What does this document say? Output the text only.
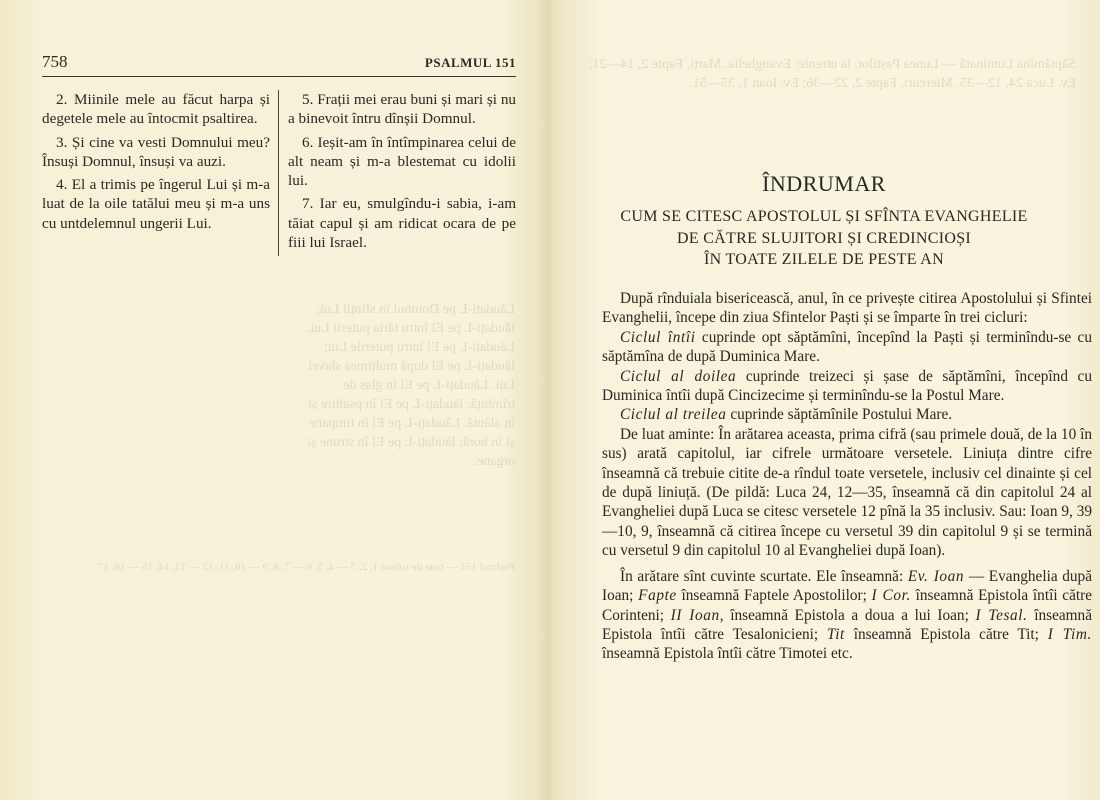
Lăudați-L pe Domnul în sfinții Lui; lăudați-L pe El întru tăria puterii Lui. Lăudați-L pe El întru puterile Lui; lăudați-L pe El după mulțimea slavei Lui. Lăudați-L pe El în glas de trîmbiță; lăudați-L pe El în psaltire și în alăută. Lăudați-L pe El în timpane și în horă; lăudați-L pe El în strune și organe.
Psalmul 151 — note de subsol 1, 2, 3 — 4, 5, 6 — 7, 8, 9 — 10, 11, 12 — 13, 14, 15 — 16, 17
758	PSALMUL 151

2. Miinile mele au făcut harpa și degetele mele au întocmit psaltirea.

3. Și cine va vesti Domnului meu? Însuși Domnul, însuși va auzi.

4. El a trimis pe îngerul Lui și m-a luat de la oile tatălui meu și m-a uns cu untdelemnul ungerii Lui.

5. Frații mei erau buni și mari și nu a binevoit întru dînșii Domnul.

6. Ieșit-am în întîmpinarea celui de alt neam și m-a blestemat cu idolii lui.

7. Iar eu, smulgîndu-i sabia, i-am tăiat capul și am ridicat ocara de pe fiii lui Israel.

Săptămîna Luminată — Lunea Paștilor, la utrenie: Evanghelia. Marți, Fapte 2, 14—21; Ev. Luca 24, 12—35. Miercuri, Fapte 2, 22—36; Ev. Ioan 1, 35—51.
ÎNDRUMAR
CUM SE CITESC APOSTOLUL ȘI SFÎNTA EVANGHELIE
DE CĂTRE SLUJITORI ȘI CREDINCIOȘI
ÎN TOATE ZILELE DE PESTE AN

După rînduiala bisericească, anul, în ce privește citirea Apostolului și Sfintei Evanghelii, începe din ziua Sfintelor Paști și se împarte în trei cicluri:

Ciclul întîi cuprinde opt săptămîni, începînd la Paști și terminîndu-se cu săptămîna de după Duminica Mare.

Ciclul al doilea cuprinde treizeci și șase de săptămîni, începînd cu Duminica întîi după Cincizecime și terminîndu-se la Postul Mare.

Ciclul al treilea cuprinde săptămînile Postului Mare.

De luat aminte: În arătarea aceasta, prima cifră (sau primele două, de la 10 în sus) arată capitolul, iar cifrele următoare versetele. Liniuța dintre cifre înseamnă că trebuie citite de-a rîndul toate versetele, inclusiv cel dinainte și cel de după liniuță. (De pildă: Luca 24, 12—35, înseamnă că din capitolul 24 al Evangheliei după Luca se citesc versetele 12 pînă la 35 inclusiv. Sau: Ioan 9, 39—10, 9, înseamnă că citirea începe cu versetul 39 din capitolul 9 și se termină cu versetul 9 din capitolul 10 al Evangheliei după Ioan).

În arătare sînt cuvinte scurtate. Ele înseamnă: Ev. Ioan — Evanghelia după Ioan; Fapte înseamnă Faptele Apostolilor; I Cor. înseamnă Epistola întîi către Corinteni; II Ioan, înseamnă Epistola a doua a lui Ioan; I Tesal. înseamnă Epistola întîi către Tesalonicieni; Tit înseamnă Epistola către Tit; I Tim. înseamnă Epistola întîi către Timotei etc.
